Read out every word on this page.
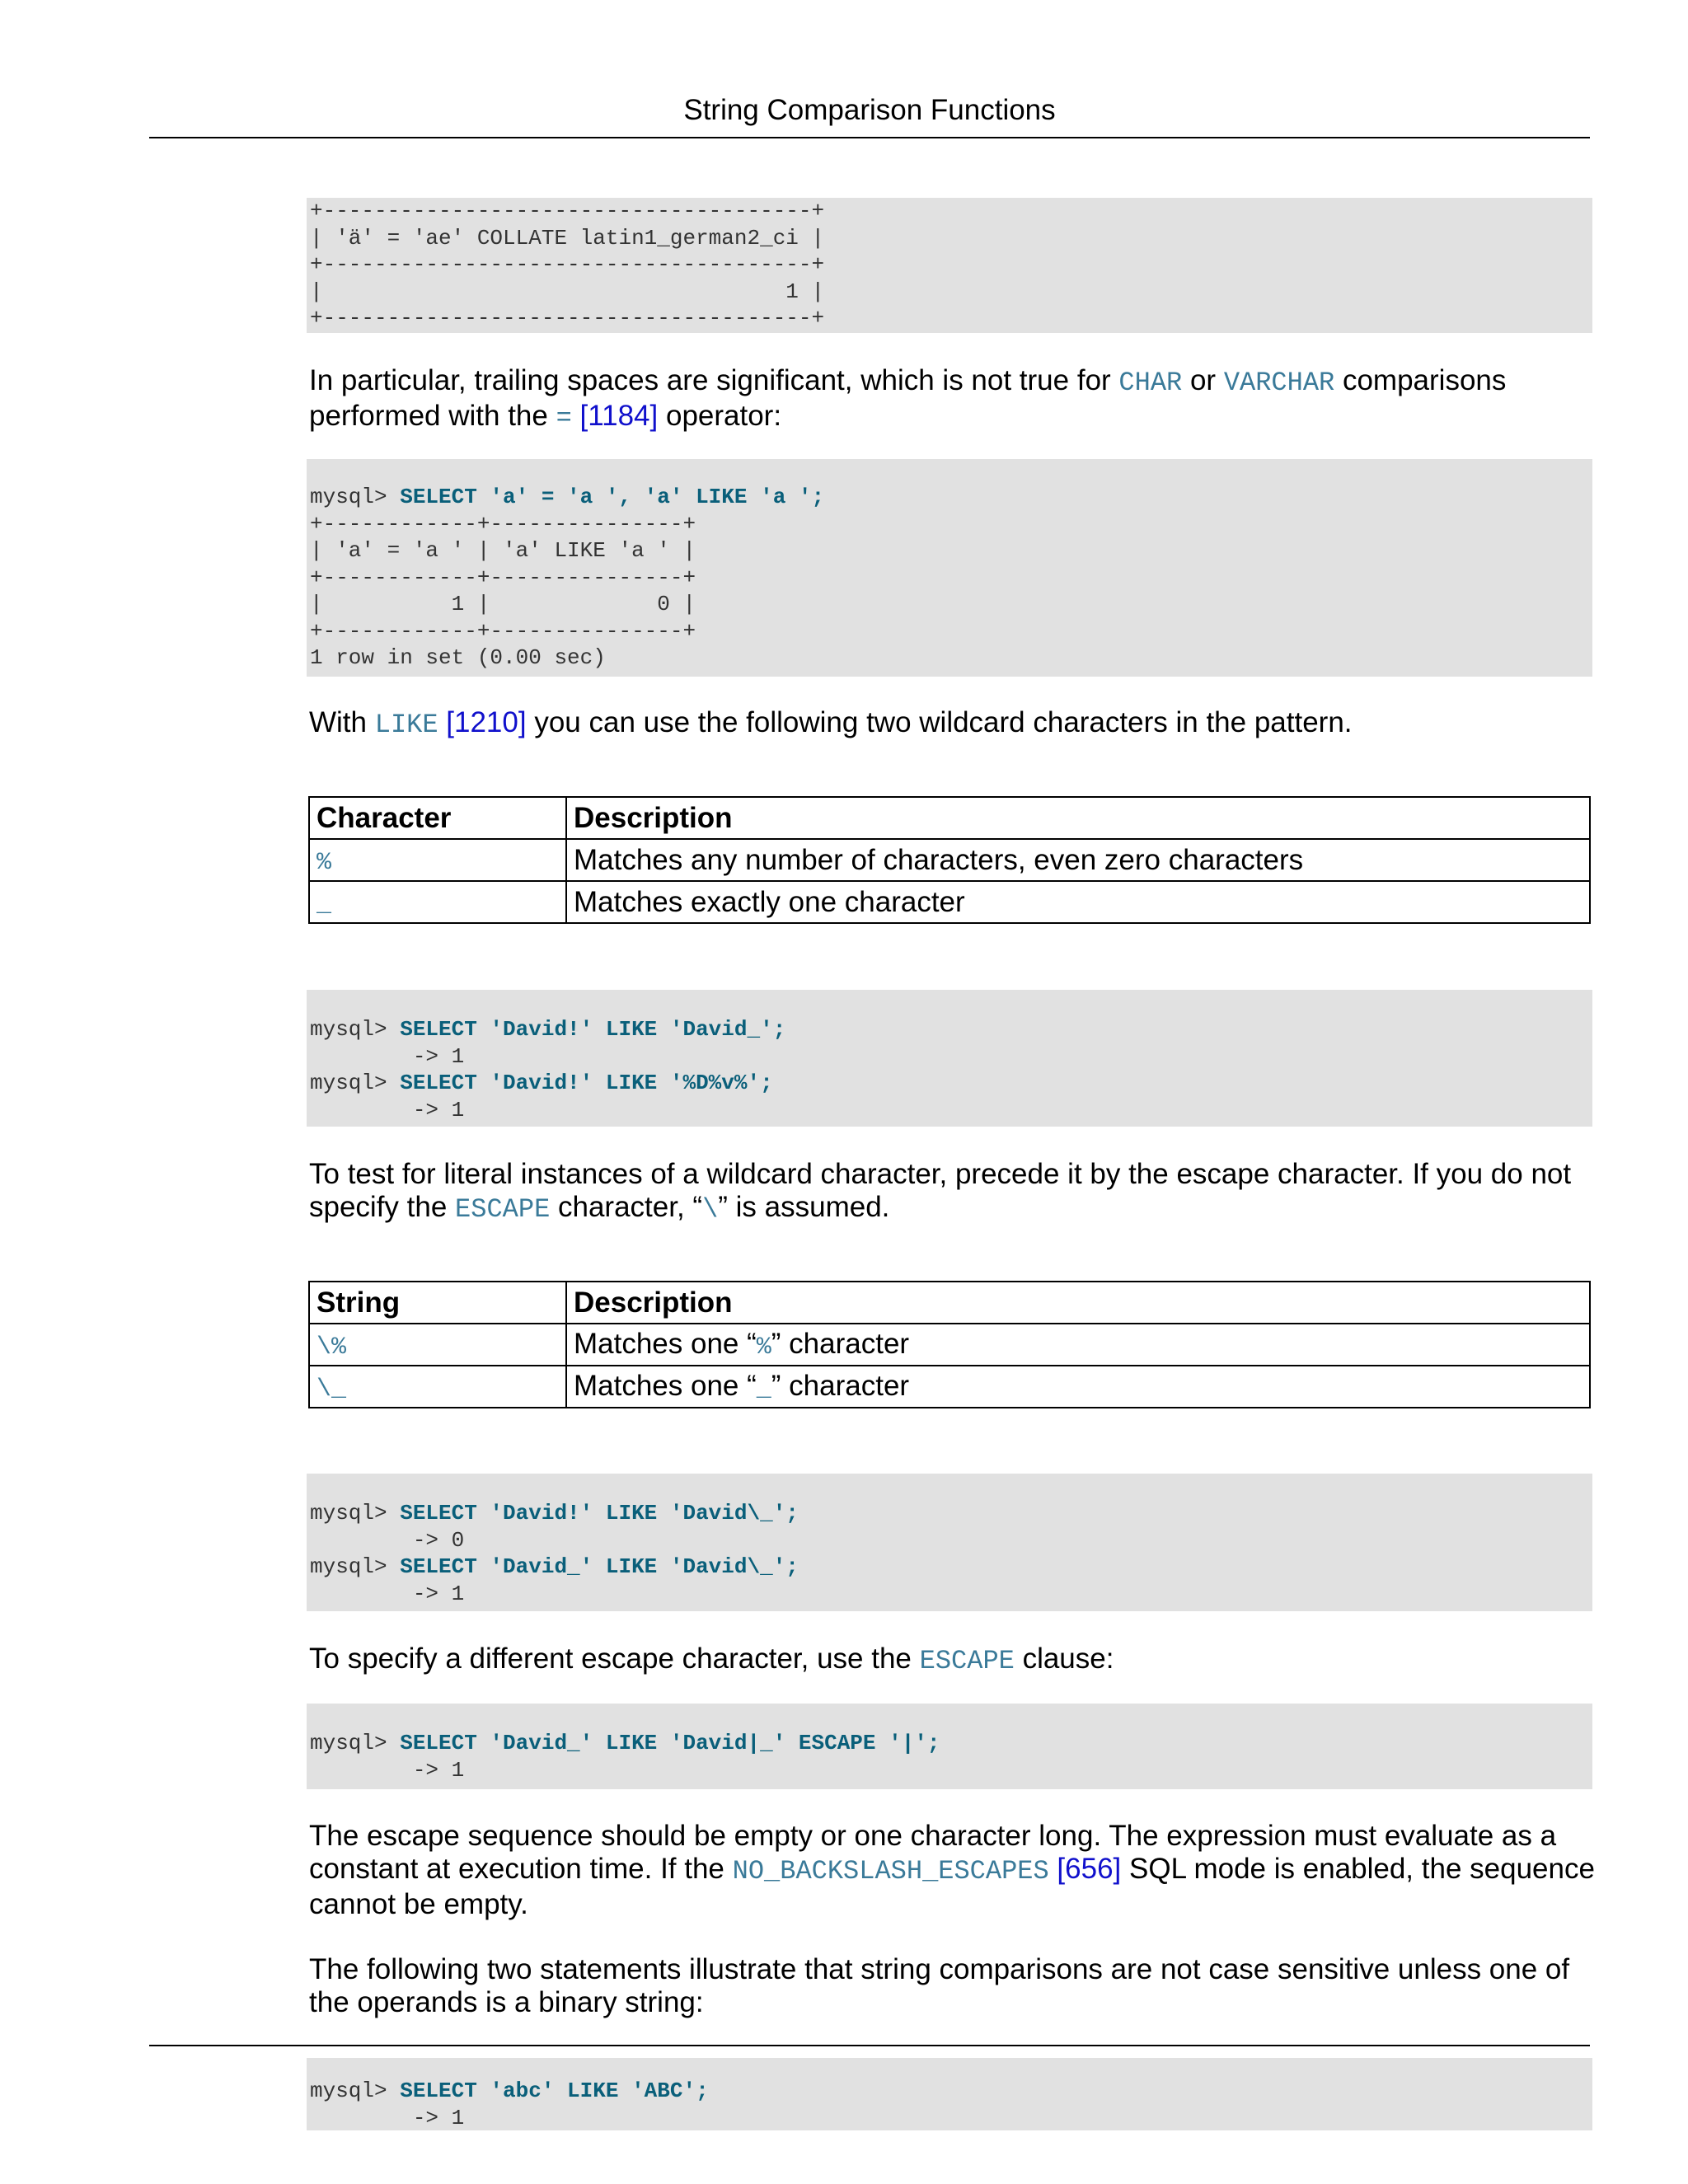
String Comparison Functions
+--------------------------------------+
| 'ä' = 'ae' COLLATE latin1_german2_ci |
+--------------------------------------+
|                                    1 |
+--------------------------------------+
In particular, trailing spaces are significant, which is not true for CHAR or VARCHAR comparisons performed with the = [1184] operator:
mysql> SELECT 'a' = 'a ', 'a' LIKE 'a ';
+------------+---------------+
| 'a' = 'a ' | 'a' LIKE 'a ' |
+------------+---------------+
|          1 |             0 |
+------------+---------------+
1 row in set (0.00 sec)
With LIKE [1210] you can use the following two wildcard characters in the pattern.
Character	Description
%	Matches any number of characters, even zero characters
_	Matches exactly one character
mysql> SELECT 'David!' LIKE 'David_';
-> 1
mysql> SELECT 'David!' LIKE '%D%v%';
-> 1
To test for literal instances of a wildcard character, precede it by the escape character. If you do not specify the ESCAPE character, “\” is assumed.
String	Description
\%	Matches one “%” character
\_	Matches one “_” character
mysql> SELECT 'David!' LIKE 'David\_';
-> 0
mysql> SELECT 'David_' LIKE 'David\_';
-> 1
To specify a different escape character, use the ESCAPE clause:
mysql> SELECT 'David_' LIKE 'David|_' ESCAPE '|';
-> 1
The escape sequence should be empty or one character long. The expression must evaluate as a constant at execution time. If the NO_BACKSLASH_ESCAPES [656] SQL mode is enabled, the sequence cannot be empty.
The following two statements illustrate that string comparisons are not case sensitive unless one of the operands is a binary string:
mysql> SELECT 'abc' LIKE 'ABC';
-> 1
